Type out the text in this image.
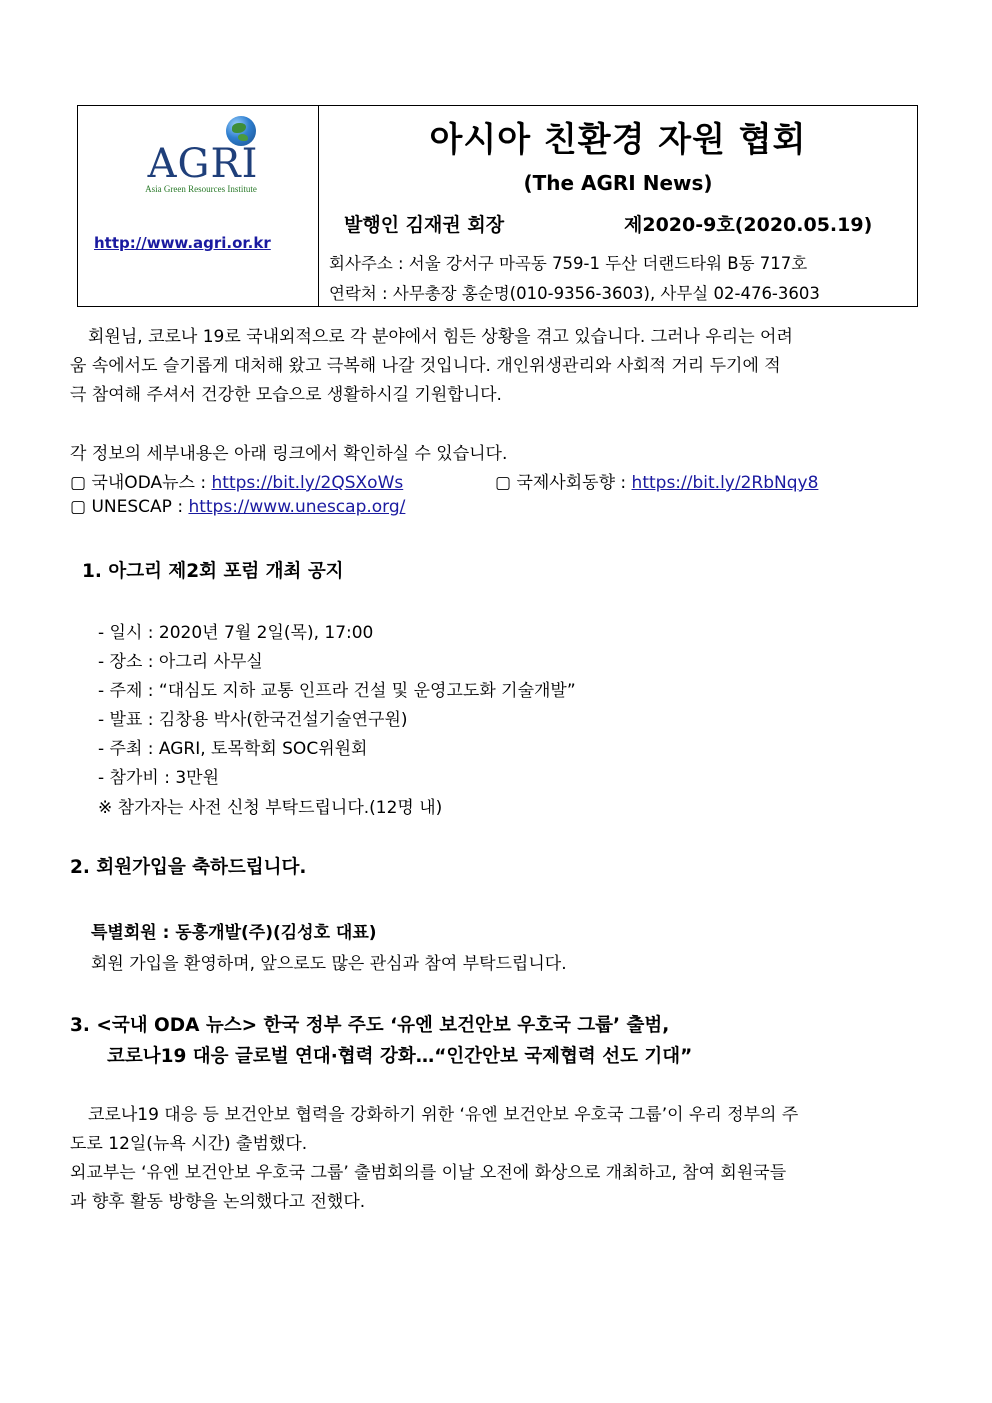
AGRI
Asia Green Resources Institute
http://www.agri.or.kr
아시아 친환경 자원 협회
(The AGRI News)
발행인 김재권 회장	제2020-9호(2020.05.19)
회사주소 : 서울 강서구 마곡동 759-1 두산 더랜드타워 B동 717호
연락처 : 사무총장 홍순명(010-9356-3603), 사무실 02-476-3603
회원님, 코로나 19로 국내외적으로 각 분야에서 힘든 상황을 겪고 있습니다. 그러나 우리는 어려
움 속에서도 슬기롭게 대처해 왔고 극복해 나갈 것입니다. 개인위생관리와 사회적 거리 두기에 적
극 참여해 주셔서 건강한 모습으로 생활하시길 기원합니다.
각 정보의 세부내용은 아래 링크에서 확인하실 수 있습니다.
▢ 국내ODA뉴스 : https://bit.ly/2QSXoWs	▢ 국제사회동향 : https://bit.ly/2RbNqy8
▢ UNESCAP : https://www.unescap.org/
1. 아그리 제2회 포럼 개최 공지
- 일시 : 2020년 7월 2일(목), 17:00
- 장소 : 아그리 사무실
- 주제 : “대심도 지하 교통 인프라 건설 및 운영고도화 기술개발”
- 발표 : 김창용 박사(한국건설기술연구원)
- 주최 : AGRI, 토목학회 SOC위원회
- 참가비 : 3만원
※ 참가자는 사전 신청 부탁드립니다.(12명 내)
2. 회원가입을 축하드립니다.
특별회원 : 동흥개발(주)(김성호 대표)
회원 가입을 환영하며, 앞으로도 많은 관심과 참여 부탁드립니다.
3. <국내 ODA 뉴스> 한국 정부 주도 ‘유엔 보건안보 우호국 그룹’ 출범,
코로나19 대응 글로벌 연대·협력 강화…“인간안보 국제협력 선도 기대”
코로나19 대응 등 보건안보 협력을 강화하기 위한 ‘유엔 보건안보 우호국 그룹’이 우리 정부의 주
도로 12일(뉴욕 시간) 출범했다.
외교부는 ‘유엔 보건안보 우호국 그룹’ 출범회의를 이날 오전에 화상으로 개최하고, 참여 회원국들
과 향후 활동 방향을 논의했다고 전했다.
